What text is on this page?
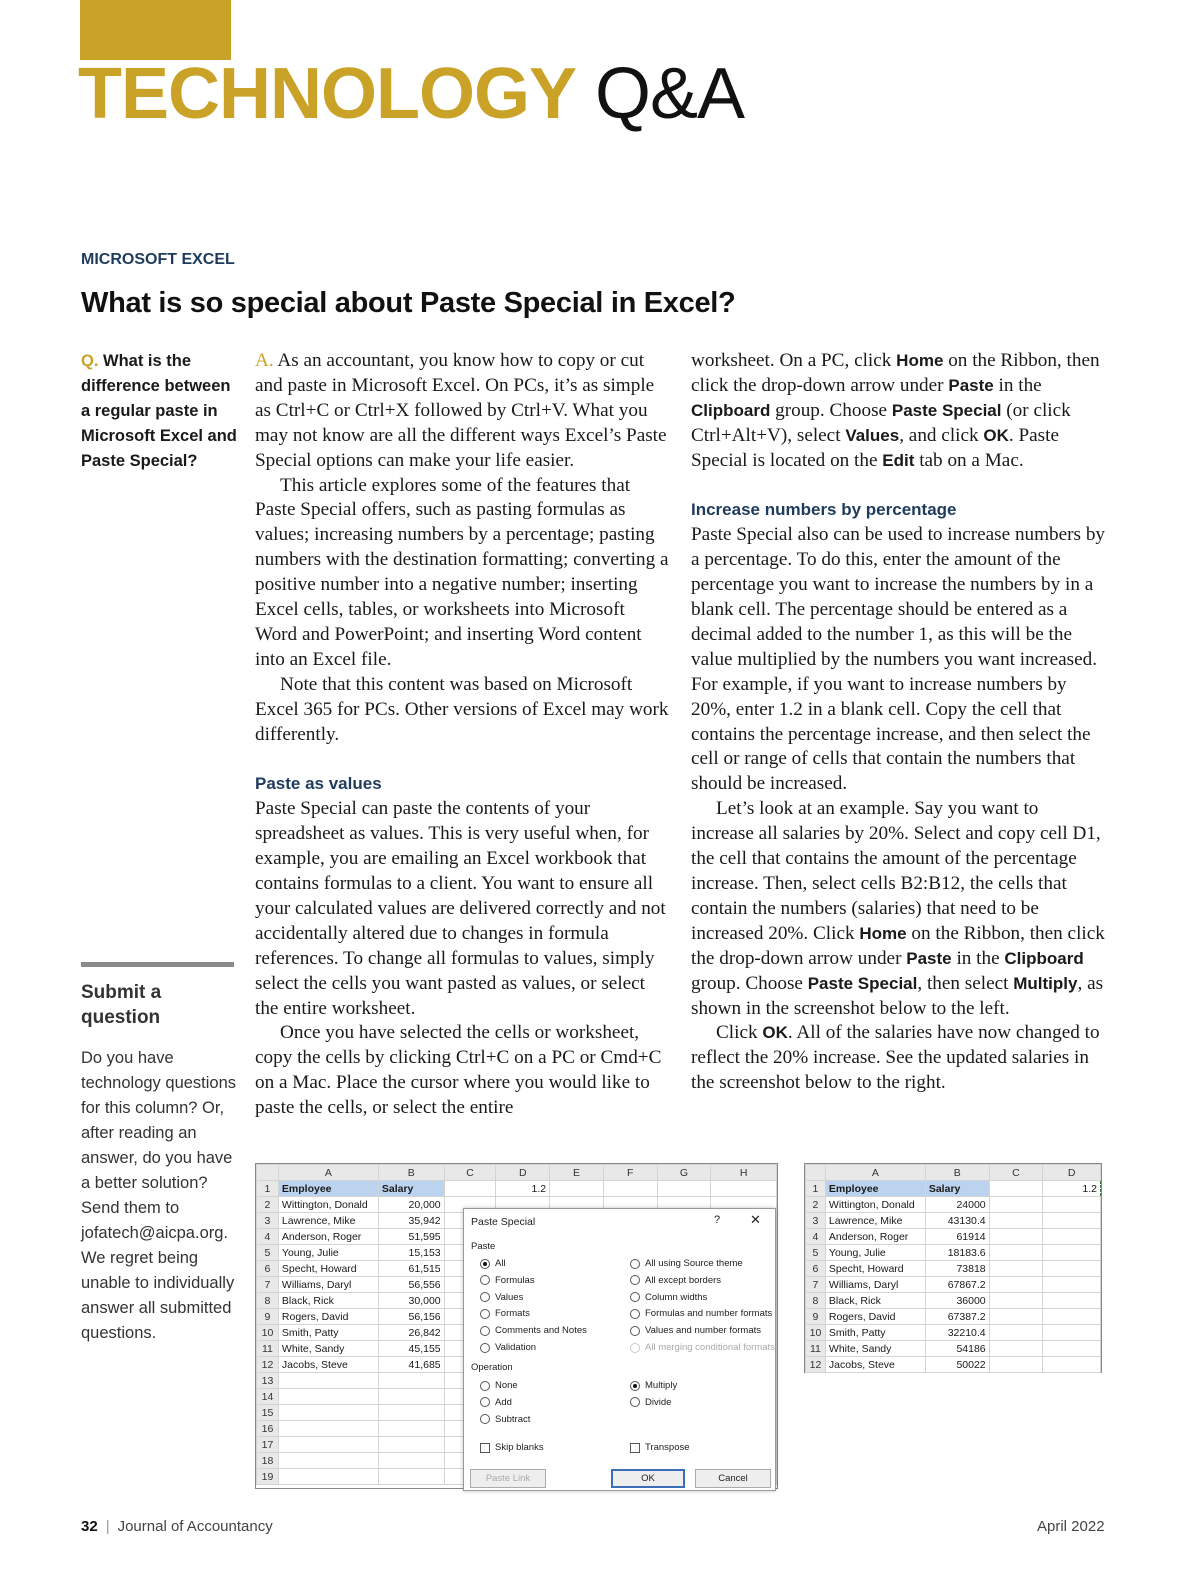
TECHNOLOGY Q&A
MICROSOFT EXCEL
What is so special about Paste Special in Excel?
Q. What is the difference between a regular paste in Microsoft Excel and Paste Special?
Submit a question
Do you have technology questions for this column? Or, after reading an answer, do you have a better solution? Send them to jofatech@aicpa.org. We regret being unable to individually answer all submitted questions.

A. As an accountant, you know how to copy or cut and paste in Microsoft Excel. On PCs, it’s as simple as Ctrl+C or Ctrl+X followed by Ctrl+V. What you may not know are all the different ways Excel’s Paste Special options can make your life easier.

This article explores some of the features that Paste Special offers, such as pasting formulas as values; increasing numbers by a percentage; pasting numbers with the destination formatting; converting a positive number into a negative number; inserting Excel cells, tables, or worksheets into Microsoft Word and PowerPoint; and inserting Word content into an Excel file.

Note that this content was based on Microsoft Excel 365 for PCs. Other versions of Excel may work differently.

Paste as values

Paste Special can paste the contents of your spreadsheet as values. This is very useful when, for example, you are emailing an Excel workbook that contains formulas to a client. You want to ensure all your calculated values are delivered correctly and not accidentally altered due to changes in formula references. To change all formulas to values, simply select the cells you want pasted as values, or select the entire worksheet.

Once you have selected the cells or worksheet, copy the cells by clicking Ctrl+C on a PC or Cmd+C on a Mac. Place the cursor where you would like to paste the cells, or select the entire

worksheet. On a PC, click Home on the Ribbon, then click the drop-down arrow under Paste in the Clipboard group. Choose Paste Special (or click Ctrl+Alt+V), select Values, and click OK. Paste Special is located on the Edit tab on a Mac.

Increase numbers by percentage

Paste Special also can be used to increase numbers by a percentage. To do this, enter the amount of the percentage you want to increase the numbers by in a blank cell. The percentage should be entered as a decimal added to the number 1, as this will be the value multiplied by the numbers you want increased. For example, if you want to increase numbers by 20%, enter 1.2 in a blank cell. Copy the cell that contains the percentage increase, and then select the cell or range of cells that contain the numbers that should be increased.

Let’s look at an example. Say you want to increase all salaries by 20%. Select and copy cell D1, the cell that contains the amount of the percentage increase. Then, select cells B2:B12, the cells that contain the numbers (salaries) that need to be increased 20%. Click Home on the Ribbon, then click the drop-down arrow under Paste in the Clipboard group. Choose Paste Special, then select Multiply, as shown in the screenshot below to the left.

Click OK. All of the salaries have now changed to reflect the 20% increase. See the updated salaries in the screenshot below to the right.

	A	B	C	D	E	F	G	H
1	Employee	Salary		1.2				
2	Wittington, Donald	20,000						
3	Lawrence, Mike	35,942						
4	Anderson, Roger	51,595						
5	Young, Julie	15,153						
6	Specht, Howard	61,515						
7	Williams, Daryl	56,556						
8	Black, Rick	30,000						
9	Rogers, David	56,156						
10	Smith, Patty	26,842						
11	White, Sandy	45,155						
12	Jacobs, Steve	41,685						
13								
14								
15								
16								
17								
18								
19								
Paste Special	? ✕
Paste
Operation
Skip blanks	Transpose
Paste Link	OK	Cancel
All
Formulas
Values
Formats
Comments and Notes
Validation
All using Source theme
All except borders
Column widths
Formulas and number formats
Values and number formats
All merging conditional formats
None
Add
Subtract
Multiply
Divide
	A	B	C	D
1	Employee	Salary		1.2
2	Wittington, Donald	24000		
3	Lawrence, Mike	43130.4		
4	Anderson, Roger	61914		
5	Young, Julie	18183.6		
6	Specht, Howard	73818		
7	Williams, Daryl	67867.2		
8	Black, Rick	36000		
9	Rogers, David	67387.2		
10	Smith, Patty	32210.4		
11	White, Sandy	54186		
12	Jacobs, Steve	50022		
32 | Journal of Accountancy	April 2022
